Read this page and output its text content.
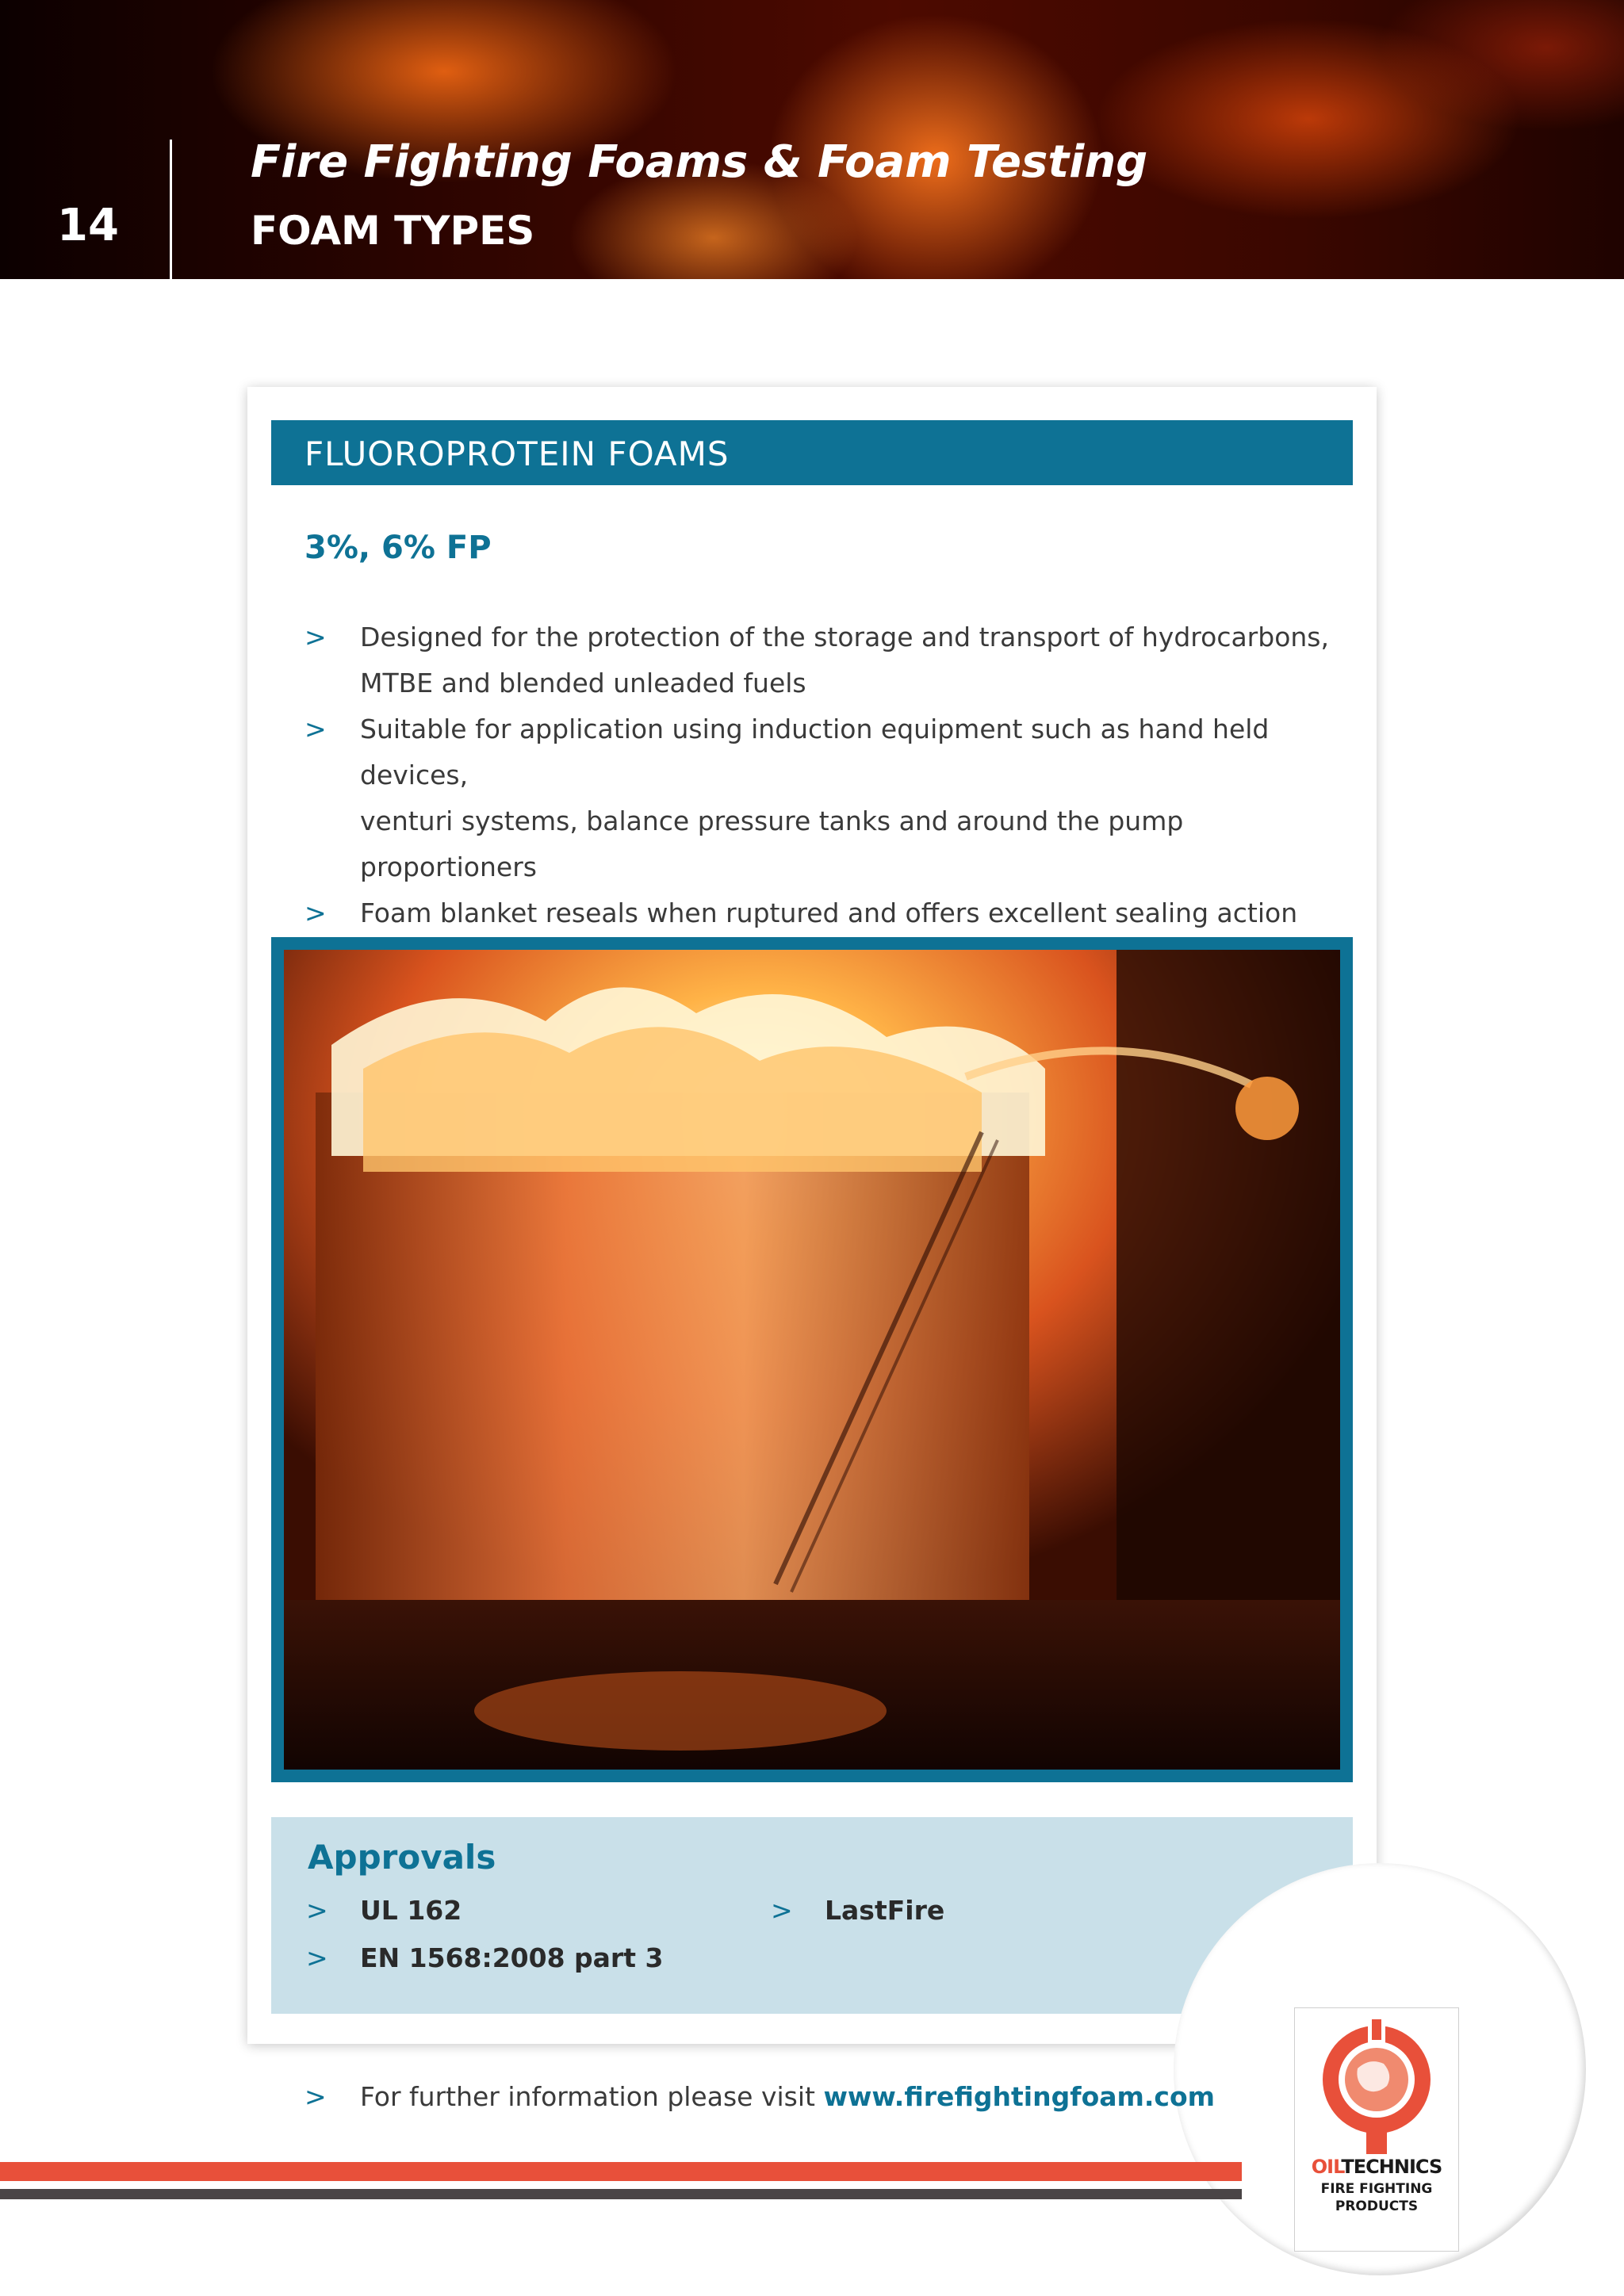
14
Fire Fighting Foams & Foam Testing
FOAM TYPES
FLUOROPROTEIN FOAMS
3%, 6% FP
> Designed for the protection of the storage and transport of hydrocarbons,
MTBE and blended unleaded fuels
> Suitable for application using induction equipment such as hand held devices,
venturi systems, balance pressure tanks and around the pump proportioners
> Foam blanket reseals when ruptured and offers excellent sealing action
Approvals
> UL 162	> LastFire
> EN 1568:2008 part 3
> For further information please visit www.firefightingfoam.com
OILTECHNICS
FIRE FIGHTING
PRODUCTS
